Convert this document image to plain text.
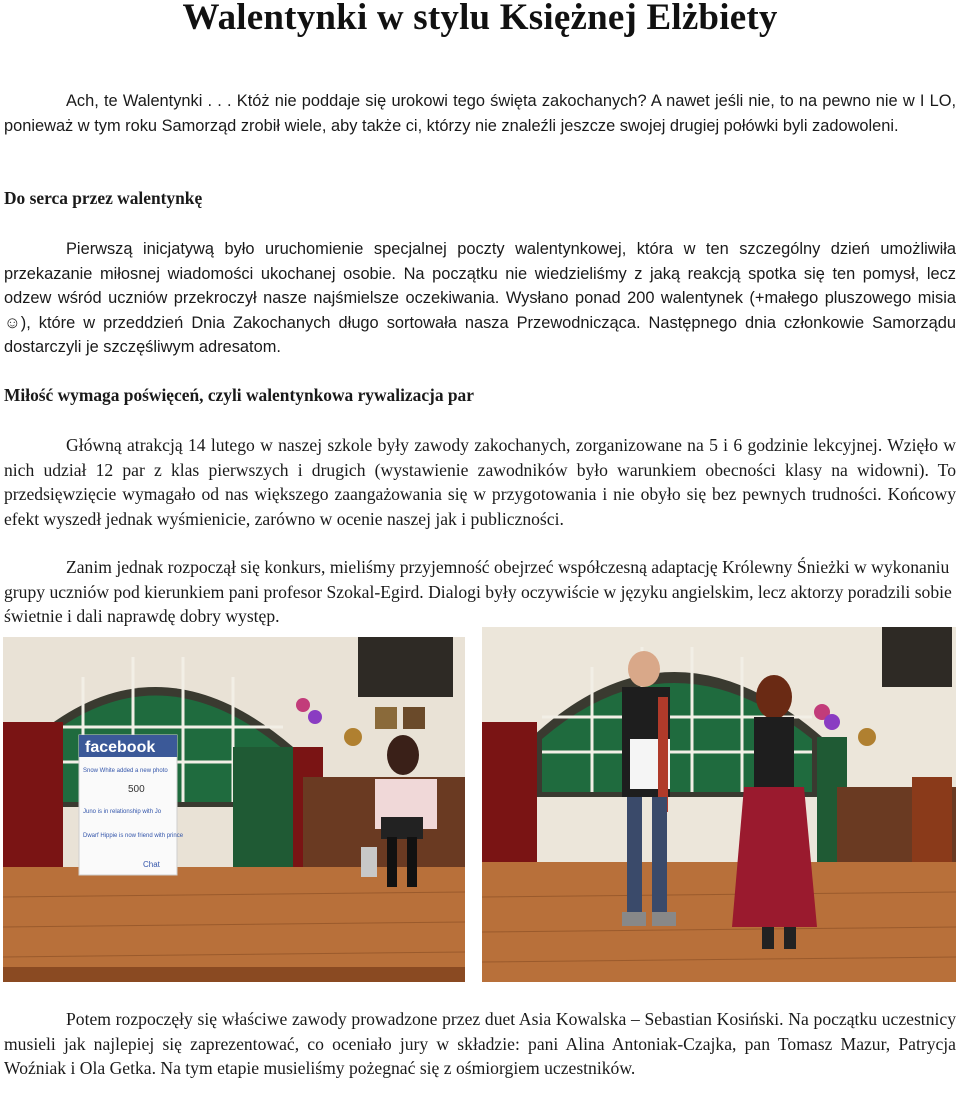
Walentynki w stylu Księżnej Elżbiety

Ach, te Walentynki . . . Któż nie poddaje się urokowi tego święta zakochanych? A nawet jeśli nie, to na pewno nie w I LO, ponieważ w tym roku Samorząd zrobił wiele, aby także ci, którzy nie znaleźli jeszcze swojej drugiej połówki byli zadowoleni.

Do serca przez walentynkę

Pierwszą inicjatywą było uruchomienie specjalnej poczty walentynkowej, która w ten szczególny dzień umożliwiła przekazanie miłosnej wiadomości ukochanej osobie. Na początku nie wiedzieliśmy z jaką reakcją spotka się ten pomysł, lecz odzew wśród uczniów przekroczył nasze najśmielsze oczekiwania. Wysłano ponad 200 walentynek (+małego pluszowego misia☺), które w przeddzień Dnia Zakochanych długo sortowała nasza Przewodnicząca. Następnego dnia członkowie Samorządu dostarczyli je szczęśliwym adresatom.

Miłość wymaga poświęceń, czyli walentynkowa rywalizacja par

Główną atrakcją 14 lutego w naszej szkole były zawody zakochanych, zorganizowane na 5 i 6 godzinie lekcyjnej. Wzięło w nich udział 12 par z klas pierwszych i drugich (wystawienie zawodników było warunkiem obecności klasy na widowni). To przedsięwzięcie wymagało od nas większego zaangażowania się w przygotowania i nie obyło się bez pewnych trudności. Końcowy efekt wyszedł jednak wyśmienicie, zarówno w ocenie naszej jak i publiczności.

Zanim jednak rozpoczął się konkurs, mieliśmy przyjemność obejrzeć współczesną adaptację Królewny Śnieżki w wykonaniu grupy uczniów pod kierunkiem pani profesor Szokal-Egird. Dialogi były oczywiście w języku angielskim, lecz aktorzy poradzili sobie świetnie i dali naprawdę dobry występ.

facebook
Snow White added a new photo
500
Juno is in relationship with Jo
Dwarf Hippie is now friend with prince
Chat

Potem rozpoczęły się właściwe zawody prowadzone przez duet Asia Kowalska – Sebastian Kosiński. Na początku uczestnicy musieli jak najlepiej się zaprezentować, co oceniało jury w składzie: pani Alina Antoniak-Czajka, pan Tomasz Mazur, Patrycja Woźniak i Ola Getka. Na tym etapie musieliśmy pożegnać się z ośmiorgiem uczestników.
